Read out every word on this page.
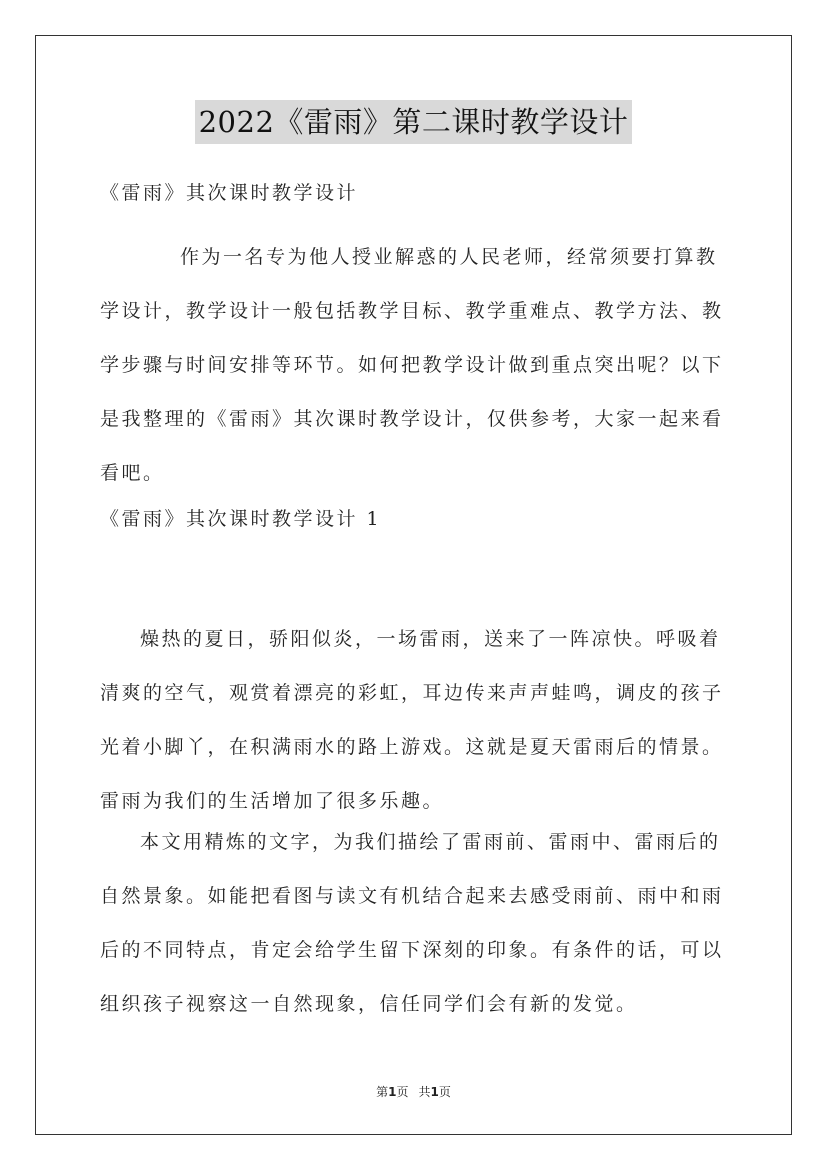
2022《雷雨》第二课时教学设计
《雷雨》其次课时教学设计
作为一名专为他人授业解惑的人民老师，经常须要打算教学设计，教学设计一般包括教学目标、教学重难点、教学方法、教学步骤与时间安排等环节。如何把教学设计做到重点突出呢？以下是我整理的《雷雨》其次课时教学设计，仅供参考，大家一起来看看吧。
《雷雨》其次课时教学设计 1
燥热的夏日，骄阳似炎，一场雷雨，送来了一阵凉快。呼吸着清爽的空气，观赏着漂亮的彩虹，耳边传来声声蛙鸣，调皮的孩子光着小脚丫，在积满雨水的路上游戏。这就是夏天雷雨后的情景。雷雨为我们的生活增加了很多乐趣。
本文用精炼的文字，为我们描绘了雷雨前、雷雨中、雷雨后的自然景象。如能把看图与读文有机结合起来去感受雨前、雨中和雨后的不同特点，肯定会给学生留下深刻的印象。有条件的话，可以组织孩子视察这一自然现象，信任同学们会有新的发觉。
第1页 共1页
